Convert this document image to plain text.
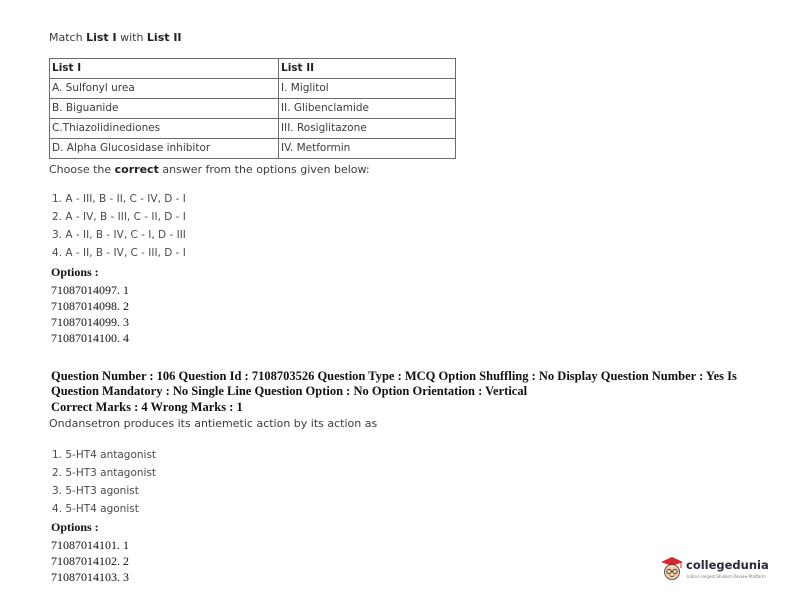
Match List I with List II
List I	List II
A. Sulfonyl urea	I. Miglitol
B. Biguanide	II. Glibenclamide
C.Thiazolidinediones	III. Rosiglitazone
D. Alpha Glucosidase inhibitor	IV. Metformin
Choose the correct answer from the options given below:
1. A - III, B - II, C - IV, D - I
2. A - IV, B - III, C - II, D - I
3. A - II, B - IV, C - I, D - III
4. A - II, B - IV, C - III, D - I
Options :
71087014097. 1
71087014098. 2
71087014099. 3
71087014100. 4
Question Number : 106 Question Id : 7108703526 Question Type : MCQ Option Shuffling : No Display Question Number : Yes Is
Question Mandatory : No Single Line Question Option : No Option Orientation : Vertical
Correct Marks : 4 Wrong Marks : 1
Ondansetron produces its antiemetic action by its action as
1. 5-HT4 antagonist
2. 5-HT3 antagonist
3. 5-HT3 agonist
4. 5-HT4 agonist
Options :
71087014101. 1
71087014102. 2
71087014103. 3
collegedunia
India's largest Student Review Platform
